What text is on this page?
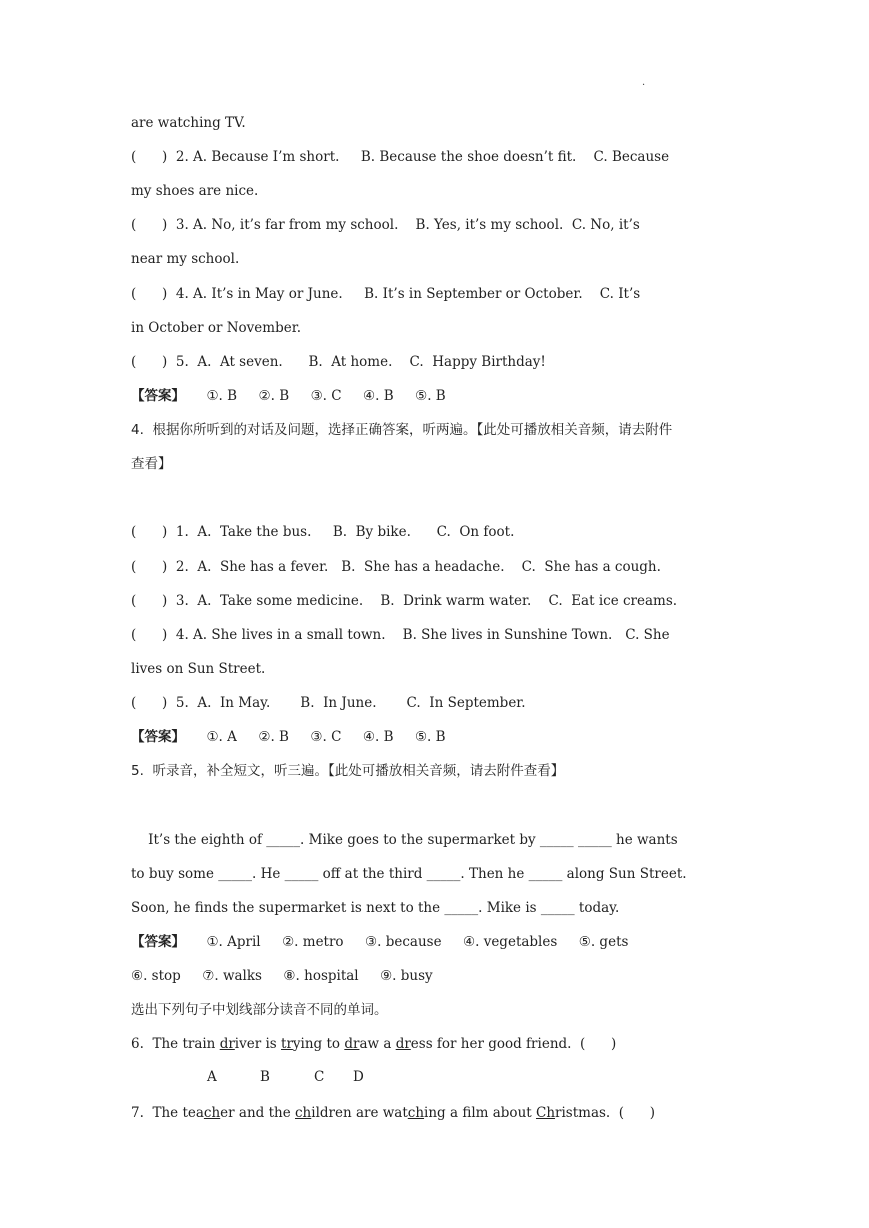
·
are watching TV.
(      )  2. A. Because I’m short.     B. Because the shoe doesn’t fit.    C. Because
my shoes are nice.
(      )  3. A. No, it’s far from my school.    B. Yes, it’s my school.  C. No, it’s
near my school.
(      )  4. A. It’s in May or June.     B. It’s in September or October.    C. It’s
in October or November.
(      )  5.  A.  At seven.      B.  At home.    C.  Happy Birthday!
【答案】     ①. B     ②. B     ③. C     ④. B     ⑤. B
4.  根据你所听到的对话及问题，选择正确答案，听两遍。【此处可播放相关音频，请去附件
查看】
(      )  1.  A.  Take the bus.     B.  By bike.      C.  On foot.
(      )  2.  A.  She has a fever.   B.  She has a headache.    C.  She has a cough.
(      )  3.  A.  Take some medicine.    B.  Drink warm water.    C.  Eat ice creams.
(      )  4. A. She lives in a small town.    B. She lives in Sunshine Town.   C. She
lives on Sun Street.
(      )  5.  A.  In May.       B.  In June.       C.  In September.
【答案】     ①. A     ②. B     ③. C     ④. B     ⑤. B
5.  听录音，补全短文，听三遍。【此处可播放相关音频，请去附件查看】
It’s the eighth of _____. Mike goes to the supermarket by _____ _____ he wants
to buy some _____. He _____ off at the third _____. Then he _____ along Sun Street.
Soon, he finds the supermarket is next to the _____. Mike is _____ today.
【答案】     ①. April     ②. metro     ③. because     ④. vegetables     ⑤. gets
⑥. stop     ⑦. walks     ⑧. hospital     ⑨. busy
选出下列句子中划线部分读音不同的单词。
6.  The train driver is trying to draw a dress for her good friend.  (      )
A	B	C D
7.  The teacher and the children are watching a film about Christmas.  (      )
